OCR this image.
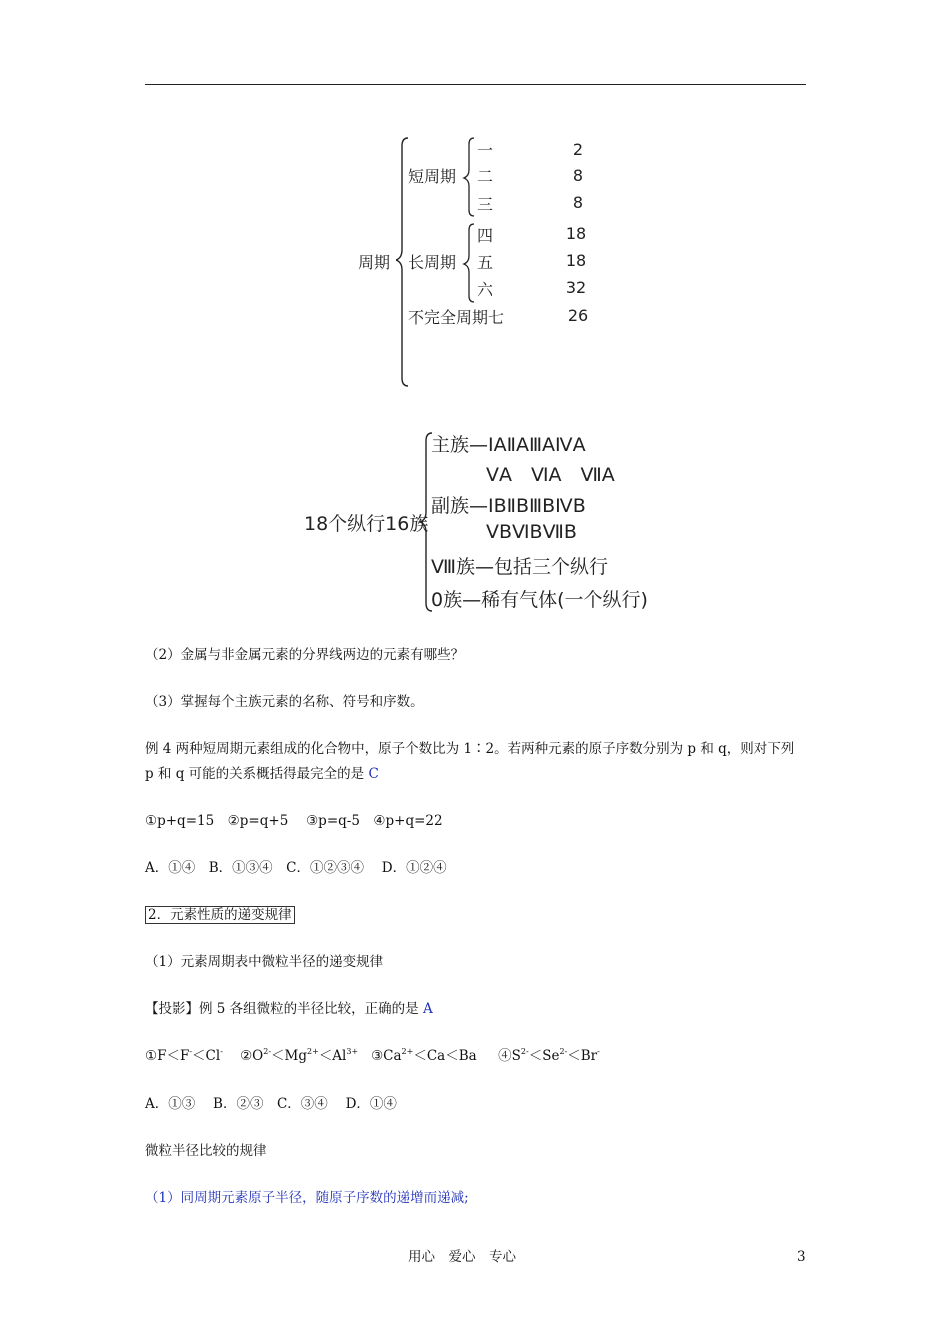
周期
短周期
长周期
一	2
二	8
三	8
四	18
五	18
六	32
不完全周期七	26
18个纵行16族
主族—ⅠAⅡAⅢAⅣA
ⅤA　ⅥA　ⅦA
副族—ⅠBⅡBⅢBⅣB
ⅤBⅥBⅦB
Ⅷ族—包括三个纵行
0族—稀有气体(一个纵行)
（2）金属与非金属元素的分界线两边的元素有哪些？
（3）掌握每个主族元素的名称、符号和序数。
例 4 两种短周期元素组成的化合物中，原子个数比为 1∶2。若两种元素的原子序数分别为 p 和 q，则对下列
p 和 q 可能的关系概括得最完全的是 C
①p+q=15　②p=q+5　 ③p=q-5　④p+q=22
A．①④　B．①③④　C．①②③④　 D．①②④
2．元素性质的递变规律
（1）元素周期表中微粒半径的递变规律
【投影】例 5 各组微粒的半径比较，正确的是 A
①F＜F-＜Cl- $②O^{2-}<Mg^{2+}<Al^{3+}$ $③Ca^{2+}<Ca<Ba$ $④S^{2-}<Se^{2-}<Br^-$
A．①③　 B．②③　C．③④　 D．①④
微粒半径比较的规律
（1）同周期元素原子半径，随原子序数的递增而递减;
用心　爱心　专心	3
